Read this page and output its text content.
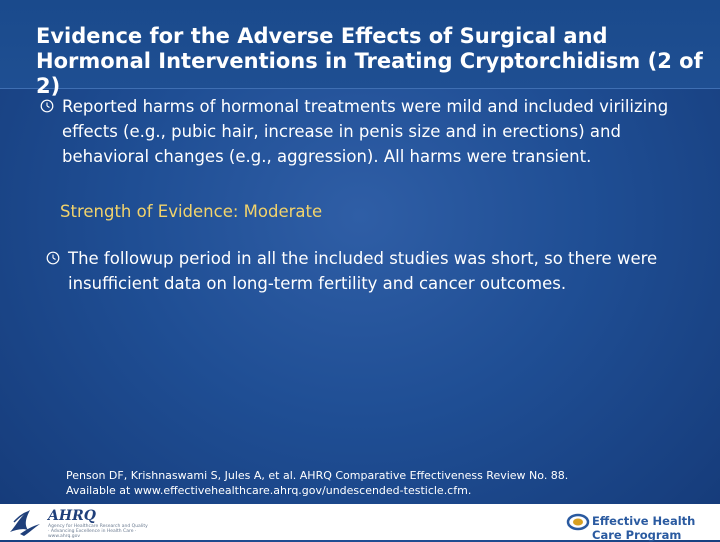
Evidence for the Adverse Effects of Surgical and Hormonal Interventions in Treating Cryptorchidism (2 of 2)
Reported harms of hormonal treatments were mild and included virilizing effects (e.g., pubic hair, increase in penis size and in erections) and behavioral changes (e.g., aggression). All harms were transient.
Strength of Evidence: Moderate
The followup period in all the included studies was short, so there were insufficient data on long-term fertility and cancer outcomes.
Penson DF, Krishnaswami S, Jules A, et al. AHRQ Comparative Effectiveness Review No. 88.
Available at www.effectivehealthcare.ahrq.gov/undescended-testicle.cfm.
AHRQ
Agency for Healthcare Research and Quality · Advancing Excellence in Health Care · www.ahrq.gov
Effective Health Care Program
